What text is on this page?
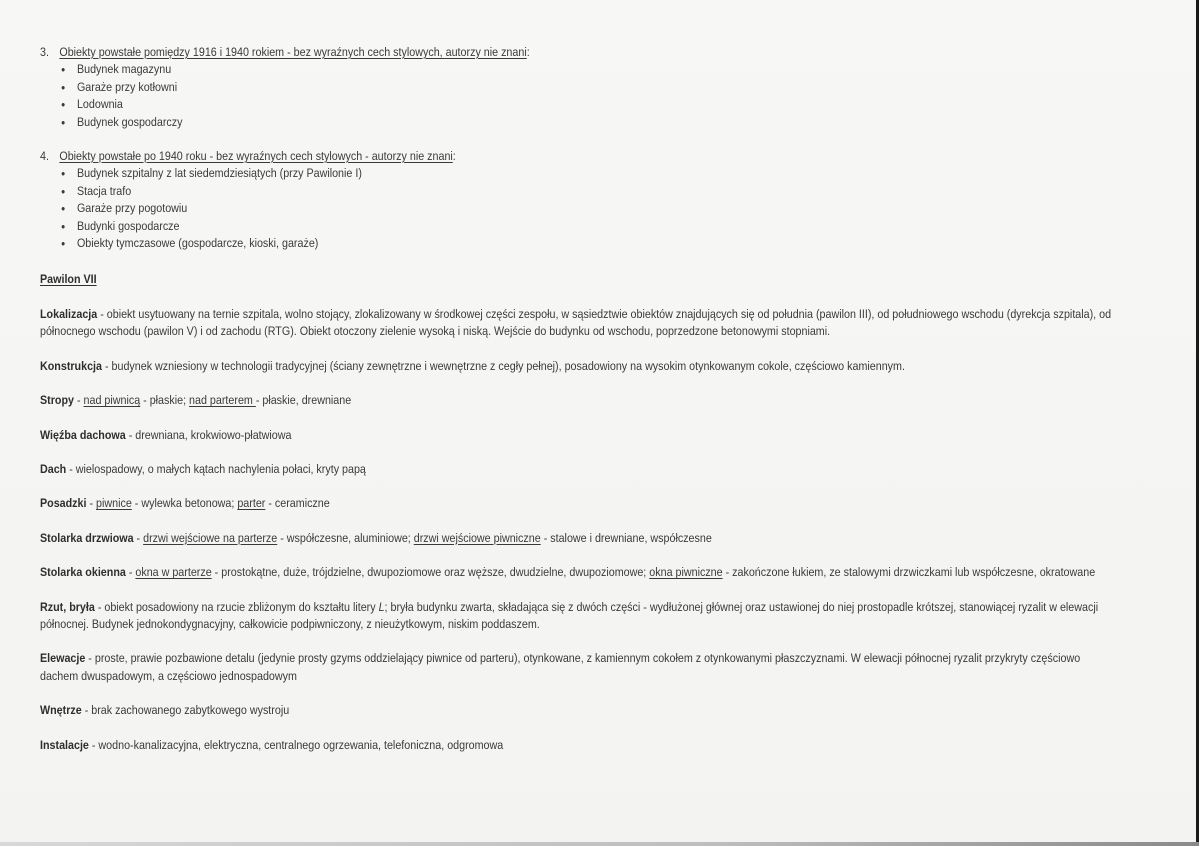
3. Obiekty powstałe pomiędzy 1916 i 1940 rokiem - bez wyraźnych cech stylowych, autorzy nie znani:
• Budynek magazynu
• Garaże przy kotłowni
• Lodownia
• Budynek gospodarczy
4. Obiekty powstałe po 1940 roku - bez wyraźnych cech stylowych - autorzy nie znani:
• Budynek szpitalny z lat siedemdziesiątych (przy Pawilonie I)
• Stacja trafo
• Garaże przy pogotowiu
• Budynki gospodarcze
• Obiekty tymczasowe (gospodarcze, kioski, garaże)
Pawilon VII

Lokalizacja - obiekt usytuowany na ternie szpitala, wolno stojący, zlokalizowany w środkowej części zespołu, w sąsiedztwie obiektów znajdujących się od południa (pawilon III), od południowego wschodu (dyrekcja szpitala), od północnego wschodu (pawilon V) i od zachodu (RTG). Obiekt otoczony zielenie wysoką i niską. Wejście do budynku od wschodu, poprzedzone betonowymi stopniami.

Konstrukcja - budynek wzniesiony w technologii tradycyjnej (ściany zewnętrzne i wewnętrzne z cegły pełnej), posadowiony na wysokim otynkowanym cokole, częściowo kamiennym.

Stropy - nad piwnicą - płaskie; nad parterem - płaskie, drewniane

Więźba dachowa - drewniana, krokwiowo-płatwiowa

Dach - wielospadowy, o małych kątach nachylenia połaci, kryty papą

Posadzki - piwnice - wylewka betonowa; parter - ceramiczne

Stolarka drzwiowa - drzwi wejściowe na parterze - współczesne, aluminiowe; drzwi wejściowe piwniczne - stalowe i drewniane, współczesne

Stolarka okienna - okna w parterze - prostokątne, duże, trójdzielne, dwupoziomowe oraz węższe, dwudzielne, dwupoziomowe; okna piwniczne - zakończone łukiem, ze stalowymi drzwiczkami lub współczesne, okratowane

Rzut, bryła - obiekt posadowiony na rzucie zbliżonym do kształtu litery L; bryła budynku zwarta, składająca się z dwóch części - wydłużonej głównej oraz ustawionej do niej prostopadle krótszej, stanowiącej ryzalit w elewacji północnej. Budynek jednokondygnacyjny, całkowicie podpiwniczony, z nieużytkowym, niskim poddaszem.

Elewacje - proste, prawie pozbawione detalu (jedynie prosty gzyms oddzielający piwnice od parteru), otynkowane, z kamiennym cokołem z otynkowanymi płaszczyznami. W elewacji północnej ryzalit przykryty częściowo dachem dwuspadowym, a częściowo jednospadowym

Wnętrze - brak zachowanego zabytkowego wystroju

Instalacje - wodno-kanalizacyjna, elektryczna, centralnego ogrzewania, telefoniczna, odgromowa
